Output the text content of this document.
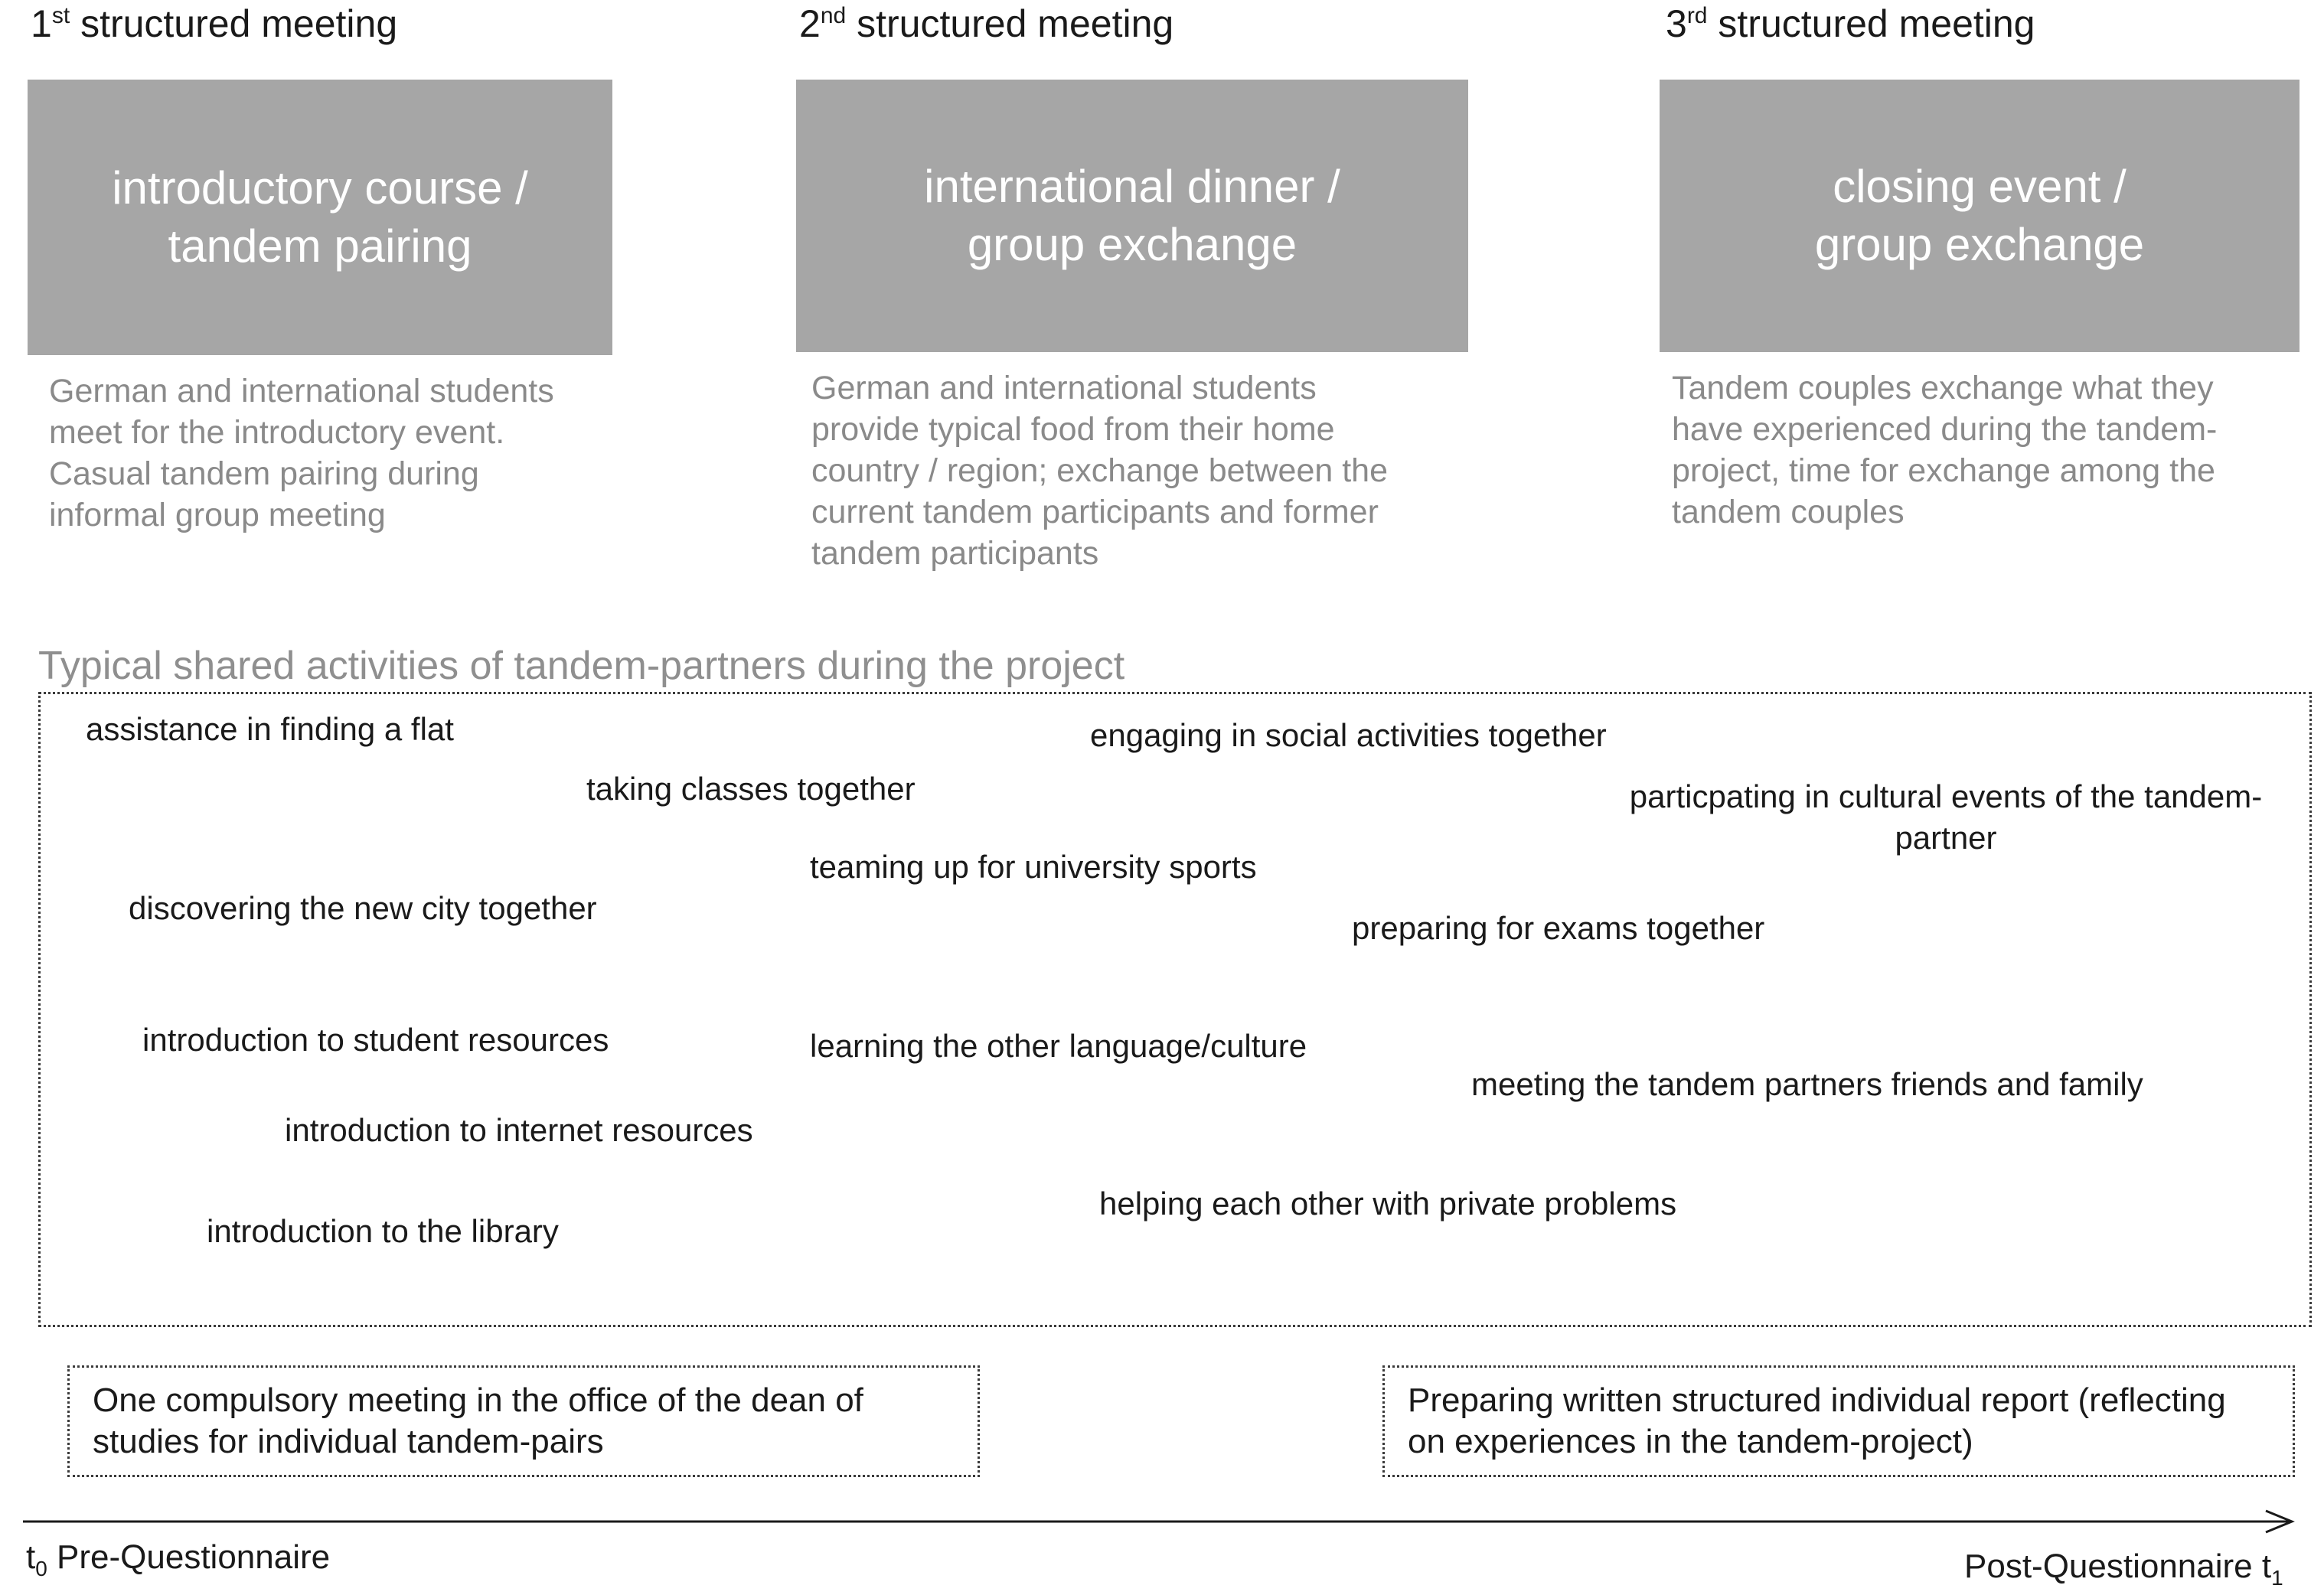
1st structured meeting	2nd structured meeting	3rd structured meeting
introductory course /
tandem pairing
international dinner /
group exchange
closing event /
group exchange
German and international students
meet for the introductory event.
Casual tandem pairing during
informal group meeting
German and international students
provide typical food from their home
country / region; exchange between the
current tandem participants and former
tandem participants
Tandem couples exchange what they
have experienced during the tandem-
project, time for exchange among the
tandem couples
Typical shared activities of tandem-partners during the project
assistance in finding a flat	engaging in social activities together
taking classes together	particpating in cultural events of the tandem-
partner
teaming up for university sports
discovering the new city together
preparing for exams together
introduction to student resources	learning the other language/culture
meeting the tandem partners friends and family
introduction to internet resources
helping each other with private problems
introduction to the library
One compulsory meeting in the office of the dean of
studies for individual tandem-pairs
Preparing written structured individual report (reflecting
on experiences in the tandem-project)
$t_0$ Pre-Questionnaire	Post-Questionnaire $t_1$
